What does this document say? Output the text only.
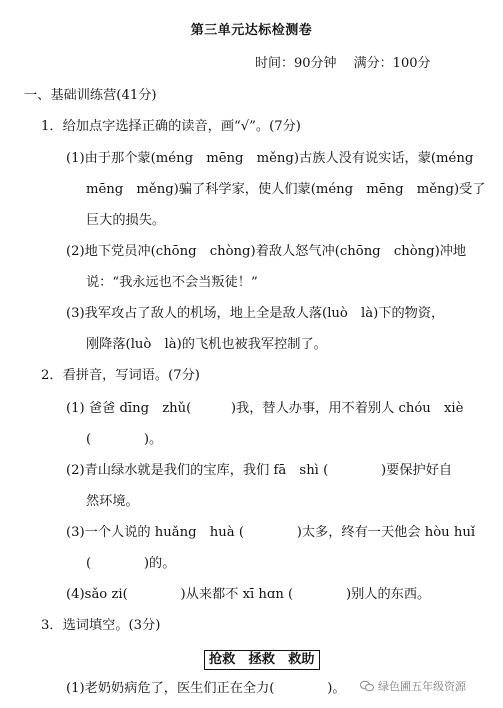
第三单元达标检测卷
时间：90分钟　 满分：100分
一、基础训练营(41分)
1．给加点字选择正确的读音，画“√”。(7分)
(1)由于那个蒙(méng　mēng　měng)古族人没有说实话，蒙(méng
mēng　měng)骗了科学家，使人们蒙(méng　mēng　měng)受了
巨大的损失。
(2)地下党员冲(chōng　chòng)着敌人怒气冲(chōng　chòng)冲地
说：“我永远也不会当叛徒！”
(3)我军攻占了敌人的机场，地上全是敌人落(luò　là)下的物资，
刚降落(luò　là)的飞机也被我军控制了。
2．看拼音，写词语。(7分)
(1) 爸爸 dīng　zhǔ(　　　)我，替人办事，用不着别人 chóu　xiè
(　　　　)。
(2)青山绿水就是我们的宝库，我们 fā　shì (　　　　)要保护好自
然环境。
(3)一个人说的 huǎng　huà (　　　　)太多，终有一天他会 hòu huǐ
(　　　　)的。
(4)sǎo zi(　　　　)从来都不 xī hɑn (　　　　)别人的东西。
3．选词填空。(3分)
抢救　拯救　救助
(1)老奶奶病危了，医生们正在全力(　　　　)。	绿色圃五年级资源
